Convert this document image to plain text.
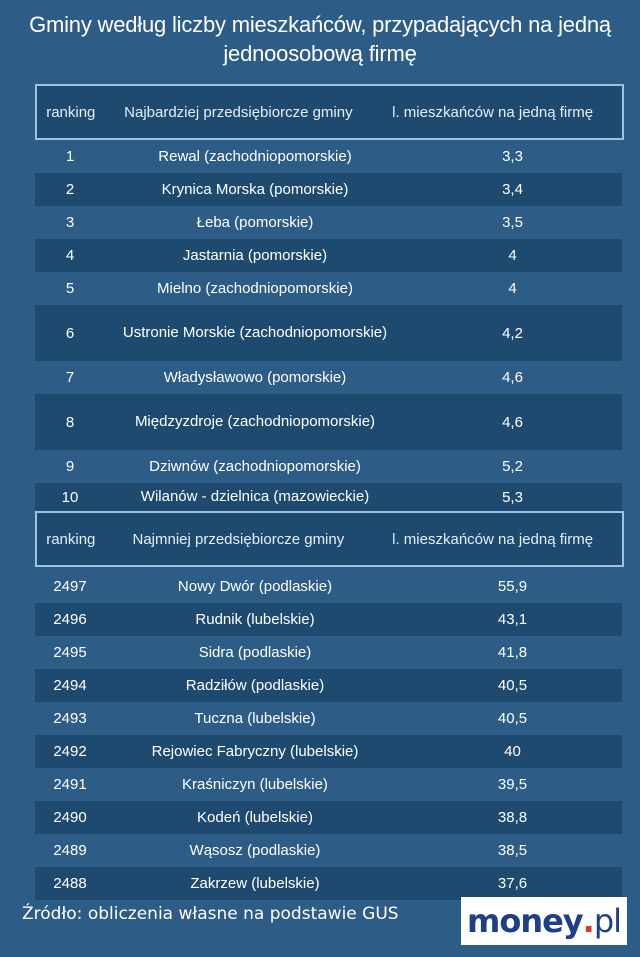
Gminy według liczby mieszkańców, przypadających na jedną
jednoosobową firmę
ranking	Najbardziej przedsiębiorcze gminy	l. mieszkańców na jedną firmę
1	Rewal (zachodniopomorskie)	3,3
2	Krynica Morska (pomorskie)	3,4
3	Łeba (pomorskie)	3,5
4	Jastarnia (pomorskie)	4
5	Mielno (zachodniopomorskie)	4
6	Ustronie Morskie (zachodniopomorskie)	4,2
7	Władysławowo (pomorskie)	4,6
8	Międzyzdroje (zachodniopomorskie)	4,6
9	Dziwnów (zachodniopomorskie)	5,2
10	Wilanów - dzielnica (mazowieckie)	5,3
ranking	Najmniej przedsiębiorcze gminy	l. mieszkańców na jedną firmę
2497	Nowy Dwór (podlaskie)	55,9
2496	Rudnik (lubelskie)	43,1
2495	Sidra (podlaskie)	41,8
2494	Radziłów (podlaskie)	40,5
2493	Tuczna (lubelskie)	40,5
2492	Rejowiec Fabryczny (lubelskie)	40
2491	Kraśniczyn (lubelskie)	39,5
2490	Kodeń (lubelskie)	38,8
2489	Wąsosz (podlaskie)	38,5
2488	Zakrzew (lubelskie)	37,6
Źródło: obliczenia własne na podstawie GUS money . pl
